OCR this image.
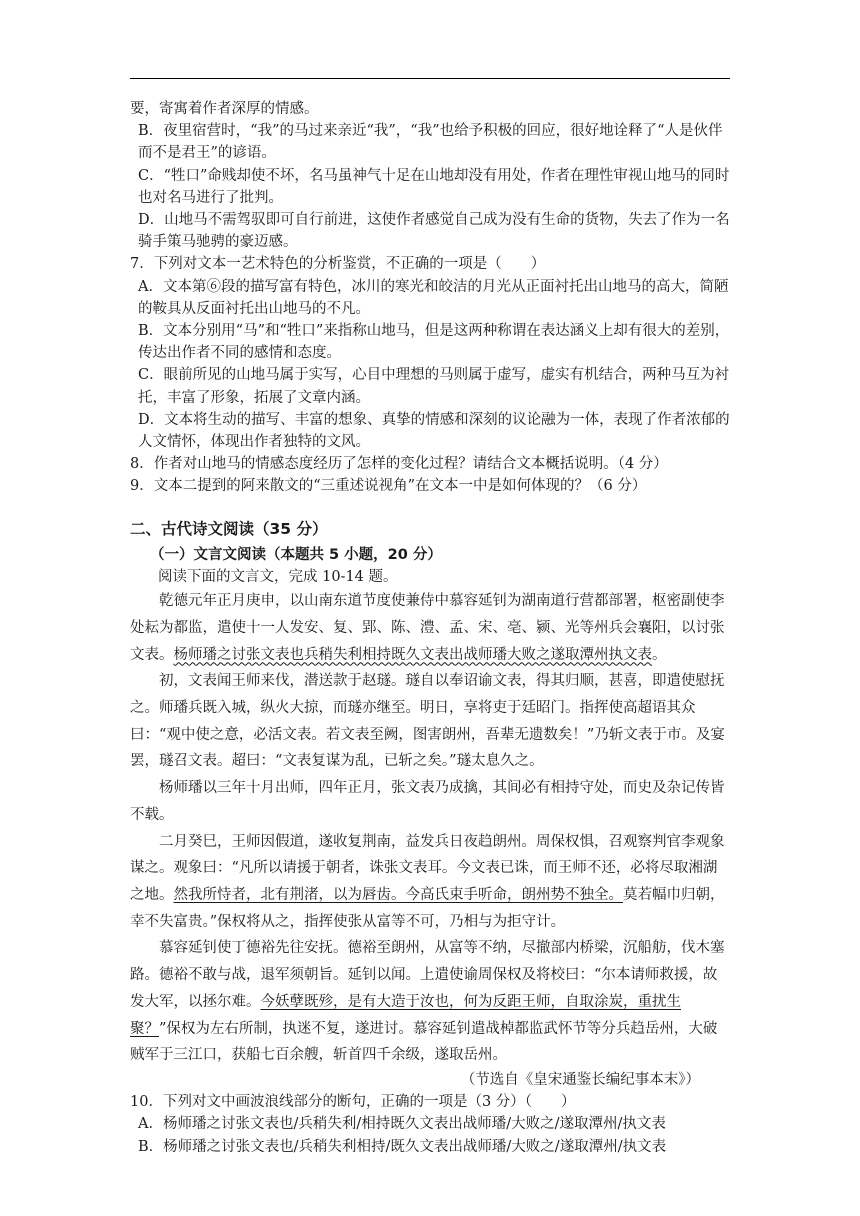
要，寄寓着作者深厚的情感。

B．夜里宿营时，“我”的马过来亲近“我”，“我”也给予积极的回应，很好地诠释了“人是伙伴而不是君王”的谚语。

C．“牲口”命贱却使不坏，名马虽神气十足在山地却没有用处，作者在理性审视山地马的同时也对名马进行了批判。

D．山地马不需驾驭即可自行前进，这使作者感觉自己成为没有生命的货物，失去了作为一名骑手策马驰骋的豪迈感。

7．下列对文本一艺术特色的分析鉴赏，不正确的一项是（　　）

A．文本第⑥段的描写富有特色，冰川的寒光和皎洁的月光从正面衬托出山地马的高大，简陋的鞍具从反面衬托出山地马的不凡。

B．文本分别用“马”和“牲口”来指称山地马，但是这两种称谓在表达涵义上却有很大的差别，传达出作者不同的感情和态度。

C．眼前所见的山地马属于实写，心目中理想的马则属于虚写，虚实有机结合，两种马互为衬托，丰富了形象，拓展了文章内涵。

D．文本将生动的描写、丰富的想象、真挚的情感和深刻的议论融为一体，表现了作者浓郁的人文情怀，体现出作者独特的文风。

8．作者对山地马的情感态度经历了怎样的变化过程？请结合文本概括说明。（4 分）

9．文本二提到的阿来散文的“三重述说视角”在文本一中是如何体现的？（6 分）

二、古代诗文阅读（35 分）

（一）文言文阅读（本题共 5 小题，20 分）

阅读下面的文言文，完成 10-14 题。

乾德元年正月庚申，以山南东道节度使兼侍中慕容延钊为湖南道行营都部署，枢密副使李处耘为都监，遣使十一人发安、复、郢、陈、澧、孟、宋、亳、颍、光等州兵会襄阳，以讨张文表。杨师璠之讨张文表也兵稍失利相持既久文表出战师璠大败之遂取潭州执文表。

初，文表闻王师来伐，潜送款于赵璲。璲自以奉诏谕文表，得其归顺，甚喜，即遣使慰抚之。师璠兵既入城，纵火大掠，而璲亦继至。明日，享将吏于廷昭门。指挥使高超语其众曰：“观中使之意，必活文表。若文表至阙，图害朗州，吾辈无遗数矣！”乃斩文表于市。及宴罢，璲召文表。超曰：“文表复谋为乱，已斩之矣。”璲太息久之。

杨师璠以三年十月出师，四年正月，张文表乃成擒，其间必有相持守处，而史及杂记传皆不载。

二月癸巳，王师因假道，遂收复荆南，益发兵日夜趋朗州。周保权惧，召观察判官李观象谋之。观象曰：“凡所以请援于朝者，诛张文表耳。今文表已诛，而王师不还，必将尽取湘湖之地。然我所恃者，北有荆渚，以为唇齿。今高氏束手听命，朗州势不独全。莫若幅巾归朝，幸不失富贵。”保权将从之，指挥使张从富等不可，乃相与为拒守计。

慕容延钊使丁德裕先往安抚。德裕至朗州，从富等不纳，尽撤部内桥梁，沉船舫，伐木塞路。德裕不敢与战，退军须朝旨。延钊以闻。上遣使谕周保权及将校曰：“尔本请师救援，故发大军，以拯尔难。今妖孽既殄，是有大造于汝也，何为反距王师，自取涂炭，重扰生聚？”保权为左右所制，执迷不复，遂进讨。慕容延钊遣战棹都监武怀节等分兵趋岳州，大破贼军于三江口，获船七百余艘，斩首四千余级，遂取岳州。

（节选自《皇宋通鉴长编纪事本末》）

10．下列对文中画波浪线部分的断句，正确的一项是（3 分）（　　）

A．杨师璠之讨张文表也/兵稍失利/相持既久文表出战师璠/大败之/遂取潭州/执文表

B．杨师璠之讨张文表也/兵稍失利相持/既久文表出战师璠/大败之/遂取潭州/执文表
